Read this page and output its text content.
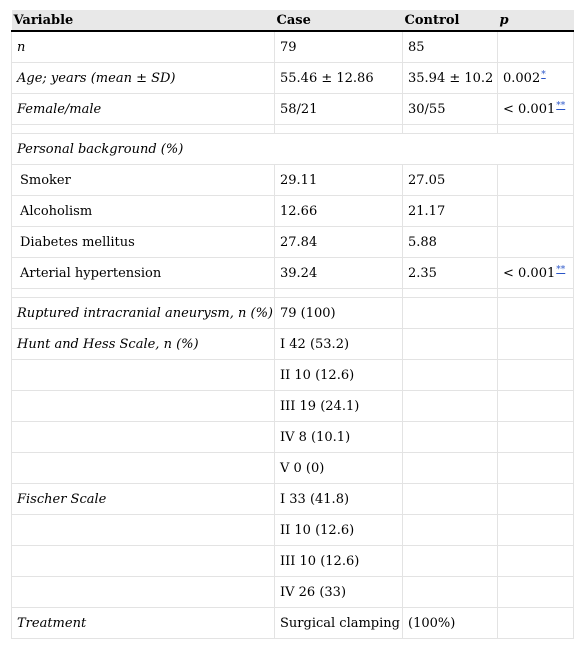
Variable	Case	Control	p
n	79	85	
Age; years (mean ± SD)	55.46 ± 12.86	35.94 ± 10.2	0.002*
Female/male	58/21	30/55	< 0.001**

Personal background (%)			
Smoker	29.11	27.05	
Alcoholism	12.66	21.17	
Diabetes mellitus	27.84	5.88	
Arterial hypertension	39.24	2.35	< 0.001**

Ruptured intracranial aneurysm, n (%)	79 (100)		
Hunt and Hess Scale, n (%)	I 42 (53.2)		
	II 10 (12.6)		
	III 19 (24.1)		
	IV 8 (10.1)		
	V 0 (0)		
Fischer Scale	I 33 (41.8)		
	II 10 (12.6)		
	III 10 (12.6)		
	IV 26 (33)		
Treatment	Surgical clamping	(100%)	
